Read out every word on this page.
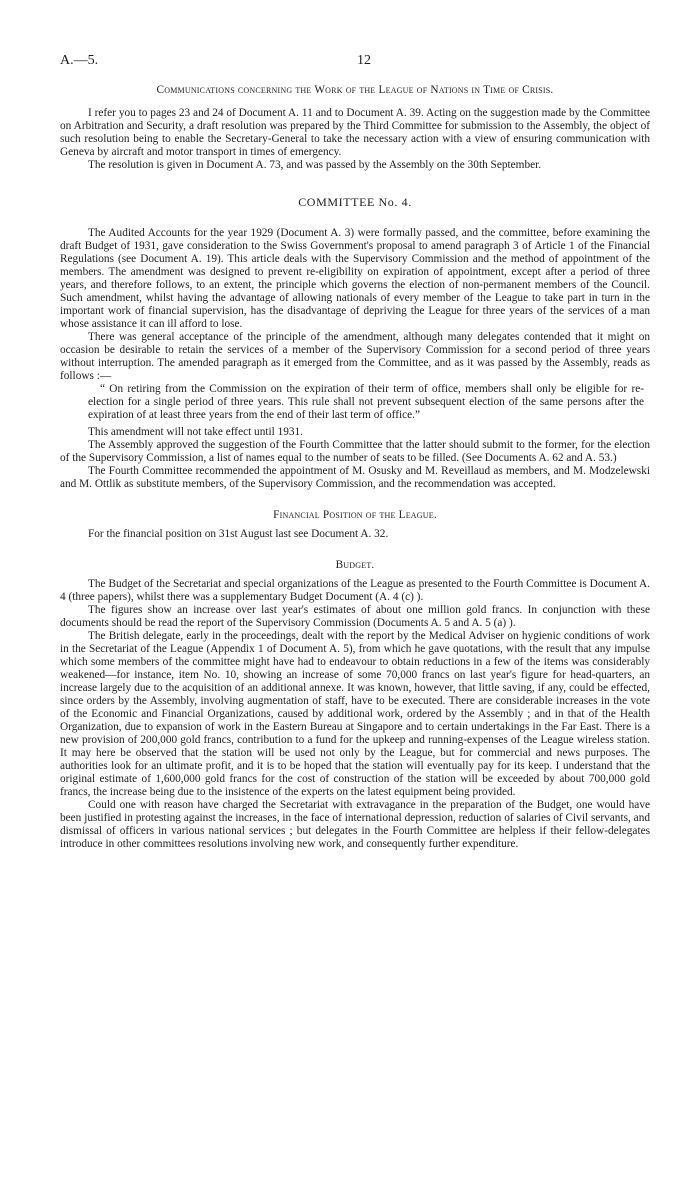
A.—5.	12

Communications concerning the Work of the League of Nations in Time of Crisis.

I refer you to pages 23 and 24 of Document A. 11 and to Document A. 39. Acting on the suggestion made by the Committee on Arbitration and Security, a draft resolution was prepared by the Third Committee for submission to the Assembly, the object of such resolution being to enable the Secretary-General to take the necessary action with a view of ensuring communication with Geneva by aircraft and motor transport in times of emergency.

The resolution is given in Document A. 73, and was passed by the Assembly on the 30th September.

COMMITTEE No. 4.

The Audited Accounts for the year 1929 (Document A. 3) were formally passed, and the committee, before examining the draft Budget of 1931, gave consideration to the Swiss Government's proposal to amend paragraph 3 of Article 1 of the Financial Regulations (see Document A. 19). This article deals with the Supervisory Commission and the method of appointment of the members. The amendment was designed to prevent re-eligibility on expiration of appointment, except after a period of three years, and therefore follows, to an extent, the principle which governs the election of non-permanent members of the Council. Such amendment, whilst having the advantage of allowing nationals of every member of the League to take part in turn in the important work of financial supervision, has the disadvantage of depriving the League for three years of the services of a man whose assistance it can ill afford to lose.

There was general acceptance of the principle of the amendment, although many delegates contended that it might on occasion be desirable to retain the services of a member of the Supervisory Commission for a second period of three years without interruption. The amended paragraph as it emerged from the Committee, and as it was passed by the Assembly, reads as follows :—

“ On retiring from the Commission on the expiration of their term of office, members shall only be eligible for re-election for a single period of three years. This rule shall not prevent subsequent election of the same persons after the expiration of at least three years from the end of their last term of office.”

This amendment will not take effect until 1931.

The Assembly approved the suggestion of the Fourth Committee that the latter should submit to the former, for the election of the Supervisory Commission, a list of names equal to the number of seats to be filled. (See Documents A. 62 and A. 53.)

The Fourth Committee recommended the appointment of M. Osusky and M. Reveillaud as members, and M. Modzelewski and M. Ottlik as substitute members, of the Supervisory Commission, and the recommendation was accepted.

Financial Position of the League.

For the financial position on 31st August last see Document A. 32.

Budget.

The Budget of the Secretariat and special organizations of the League as presented to the Fourth Committee is Document A. 4 (three papers), whilst there was a supplementary Budget Document (A. 4 (c) ).

The figures show an increase over last year's estimates of about one million gold francs. In conjunction with these documents should be read the report of the Supervisory Commission (Documents A. 5 and A. 5 (a) ).

The British delegate, early in the proceedings, dealt with the report by the Medical Adviser on hygienic conditions of work in the Secretariat of the League (Appendix 1 of Document A. 5), from which he gave quotations, with the result that any impulse which some members of the committee might have had to endeavour to obtain reductions in a few of the items was considerably weakened—for instance, item No. 10, showing an increase of some 70,000 francs on last year's figure for head-quarters, an increase largely due to the acquisition of an additional annexe. It was known, however, that little saving, if any, could be effected, since orders by the Assembly, involving augmentation of staff, have to be executed. There are considerable increases in the vote of the Economic and Financial Organizations, caused by additional work, ordered by the Assembly ; and in that of the Health Organization, due to expansion of work in the Eastern Bureau at Singapore and to certain undertakings in the Far East. There is a new provision of 200,000 gold francs, contribution to a fund for the upkeep and running-expenses of the League wireless station. It may here be observed that the station will be used not only by the League, but for commercial and news purposes. The authorities look for an ultimate profit, and it is to be hoped that the station will eventually pay for its keep. I understand that the original estimate of 1,600,000 gold francs for the cost of construction of the station will be exceeded by about 700,000 gold francs, the increase being due to the insistence of the experts on the latest equipment being provided.

Could one with reason have charged the Secretariat with extravagance in the preparation of the Budget, one would have been justified in protesting against the increases, in the face of international depression, reduction of salaries of Civil servants, and dismissal of officers in various national services ; but delegates in the Fourth Committee are helpless if their fellow-delegates introduce in other committees resolutions involving new work, and consequently further expenditure.
